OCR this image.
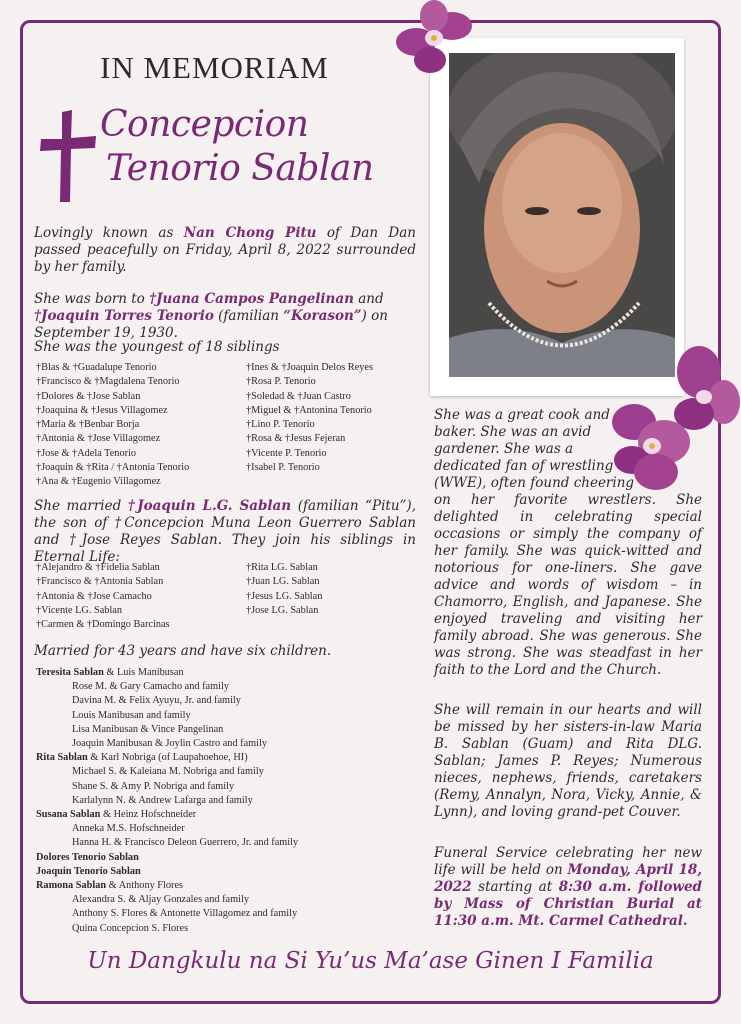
IN MEMORIAM
Concepcion
Tenorio Sablan

Lovingly known as Nan Chong Pitu of Dan Dan passed peacefully on Friday, April 8, 2022 surrounded by her family.

She was born to †Juana Campos Pangelinan and †Joaquin Torres Tenorio (familian “Korason”) on September 19, 1930.

She was the youngest of 18 siblings

†Blas & †Guadalupe Tenorio
†Francisco & †Magdalena Tenorio
†Dolores & †Jose Sablan
†Joaquina & †Jesus Villagomez
†Maria & †Benbar Borja
†Antonia & †Jose Villagomez
†Jose & †Adela Tenorio
†Joaquin & †Rita / †Antonia Tenorio
†Ana & †Eugenio Villagomez
†Ines & †Joaquin Delos Reyes
†Rosa P. Tenorio
†Soledad & †Juan Castro
†Miguel & †Antonina Tenorio
†Lino P. Tenorio
†Rosa & †Jesus Fejeran
†Vicente P. Tenorio
†Isabel P. Tenorio

She married †Joaquin L.G. Sablan (familian “Pitu”), the son of †Concepcion Muna Leon Guerrero Sablan and †Jose Reyes Sablan. They join his siblings in Eternal Life:

†Alejandro & †Fidelia Sablan
†Francisco & †Antonia Sablan
†Antonia & †Jose Camacho
†Vicente LG. Sablan
†Carmen & †Domingo Barcinas
†Rita LG. Sablan
†Juan LG. Sablan
†Jesus LG. Sablan
†Jose LG. Sablan

Married for 43 years and have six children.

Teresita Sablan & Luis Manibusan
Rose M. & Gary Camacho and family
Davina M. & Felix Ayuyu, Jr. and family
Louis Manibusan and family
Lisa Manibusan & Vince Pangelinan
Joaquin Manibusan & Joylin Castro and family
Rita Sablan & Karl Nobriga (of Laupahoehoe, HI)
Michael S. & Kaleiana M. Nobriga and family
Shane S. & Amy P. Nobriga and family
Karlalynn N. & Andrew Lafarga and family
Susana Sablan & Heinz Hofschneider
Anneka M.S. Hofschneider
Hanna H. & Francisco Deleon Guerrero, Jr. and family
Dolores Tenorio Sablan
Joaquin Tenorio Sablan
Ramona Sablan & Anthony Flores
Alexandra S. & Aljay Gonzales and family
Anthony S. Flores & Antonette Villagomez and family
Quina Concepcion S. Flores
She was a great cook and
baker. She was an avid
gardener. She was a
dedicated fan of wrestling
(WWE), often found cheering

on her favorite wrestlers. She delighted in celebrating special occasions or simply the company of her family. She was quick-witted and notorious for one-liners. She gave advice and words of wisdom – in Chamorro, English, and Japanese. She enjoyed traveling and visiting her family abroad. She was generous. She was strong. She was steadfast in her faith to the Lord and the Church.

She will remain in our hearts and will be missed by her sisters-in-law Maria B. Sablan (Guam) and Rita DLG. Sablan; James P. Reyes; Numerous nieces, nephews, friends, caretakers (Remy, Annalyn, Nora, Vicky, Annie, & Lynn), and loving grand-pet Couver.

Funeral Service celebrating her new life will be held on Monday, April 18, 2022 starting at 8:30 a.m. followed by Mass of Christian Burial at 11:30 a.m. Mt. Carmel Cathedral.

Un Dangkulu na Si Yu’us Ma’ase Ginen I Familia
